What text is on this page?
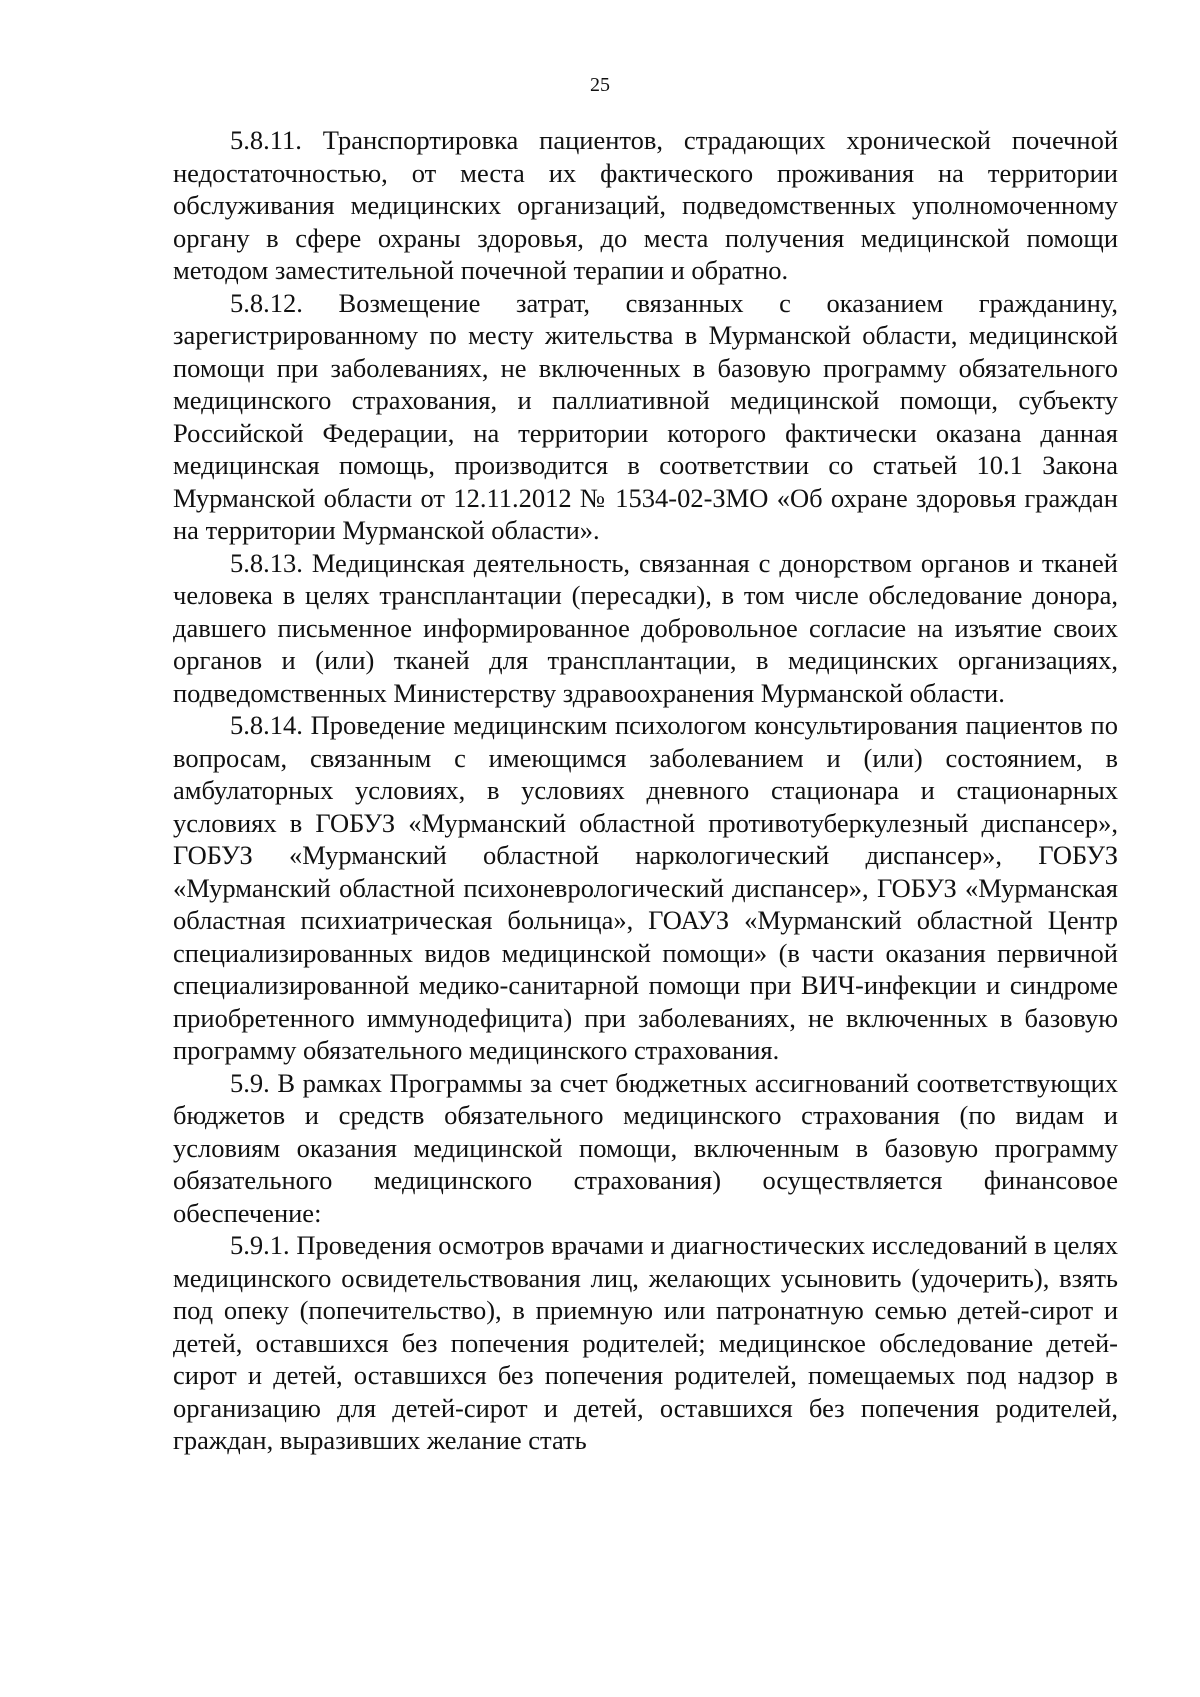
25

5.8.11. Транспортировка пациентов, страдающих хронической почечной недостаточностью, от места их фактического проживания на территории обслуживания медицинских организаций, подведомственных уполномоченному органу в сфере охраны здоровья, до места получения медицинской помощи методом заместительной почечной терапии и обратно.

5.8.12. Возмещение затрат, связанных с оказанием гражданину, зарегистрированному по месту жительства в Мурманской области, медицинской помощи при заболеваниях, не включенных в базовую программу обязательного медицинского страхования, и паллиативной медицинской помощи, субъекту Российской Федерации, на территории которого фактически оказана данная медицинская помощь, производится в соответствии со статьей 10.1 Закона Мурманской области от 12.11.2012 № 1534-02-ЗМО «Об охране здоровья граждан на территории Мурманской области».

5.8.13. Медицинская деятельность, связанная с донорством органов и тканей человека в целях трансплантации (пересадки), в том числе обследование донора, давшего письменное информированное добровольное согласие на изъятие своих органов и (или) тканей для трансплантации, в медицинских организациях, подведомственных Министерству здравоохранения Мурманской области.

5.8.14. Проведение медицинским психологом консультирования пациентов по вопросам, связанным с имеющимся заболеванием и (или) состоянием, в амбулаторных условиях, в условиях дневного стационара и стационарных условиях в ГОБУЗ «Мурманский областной противотуберкулезный диспансер», ГОБУЗ «Мурманский областной наркологический диспансер», ГОБУЗ «Мурманский областной психоневрологический диспансер», ГОБУЗ «Мурманская областная психиатрическая больница», ГОАУЗ «Мурманский областной Центр специализированных видов медицинской помощи» (в части оказания первичной специализированной медико-санитарной помощи при ВИЧ-инфекции и синдроме приобретенного иммунодефицита) при заболеваниях, не включенных в базовую программу обязательного медицинского страхования.

5.9. В рамках Программы за счет бюджетных ассигнований соответствующих бюджетов и средств обязательного медицинского страхования (по видам и условиям оказания медицинской помощи, включенным в базовую программу обязательного медицинского страхования) осуществляется финансовое обеспечение:

5.9.1. Проведения осмотров врачами и диагностических исследований в целях медицинского освидетельствования лиц, желающих усыновить (удочерить), взять под опеку (попечительство), в приемную или патронатную семью детей-сирот и детей, оставшихся без попечения родителей; медицинское обследование детей-сирот и детей, оставшихся без попечения родителей, помещаемых под надзор в организацию для детей-сирот и детей, оставшихся без попечения родителей, граждан, выразивших желание стать
